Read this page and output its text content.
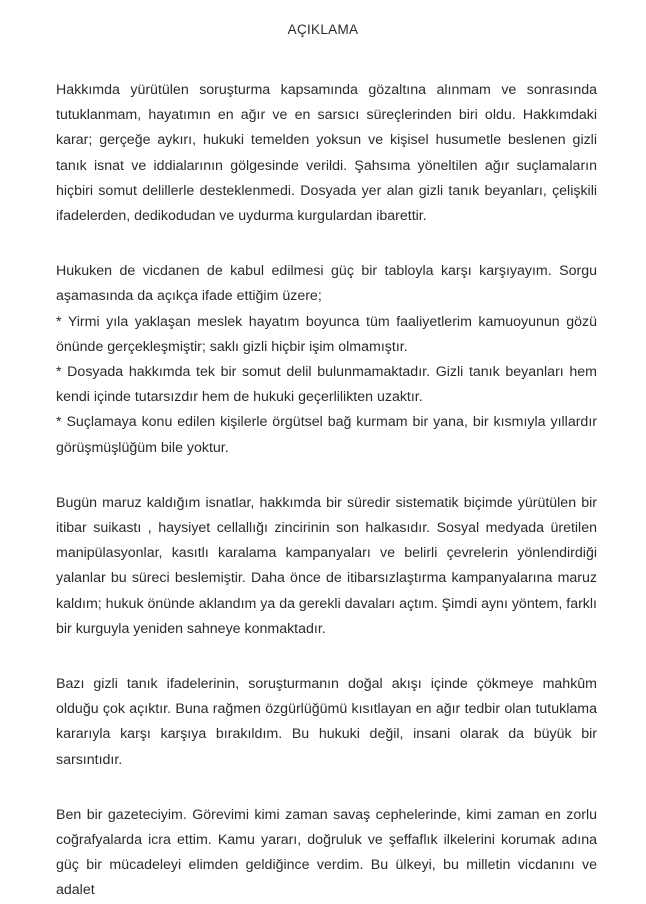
AÇIKLAMA

Hakkımda yürütülen soruşturma kapsamında gözaltına alınmam ve sonrasında tutuklanmam, hayatımın en ağır ve en sarsıcı süreçlerinden biri oldu. Hakkımdaki karar; gerçeğe aykırı, hukuki temelden yoksun ve kişisel husumetle beslenen gizli tanık isnat ve iddialarının gölgesinde verildi. Şahsıma yöneltilen ağır suçlamaların hiçbiri somut delillerle desteklenmedi. Dosyada yer alan gizli tanık beyanları, çelişkili ifadelerden, dedikodudan ve uydurma kurgulardan ibarettir.

Hukuken de vicdanen de kabul edilmesi güç bir tabloyla karşı karşıyayım. Sorgu aşamasında da açıkça ifade ettiğim üzere;

* Yirmi yıla yaklaşan meslek hayatım boyunca tüm faaliyetlerim kamuoyunun gözü önünde gerçekleşmiştir; saklı gizli hiçbir işim olmamıştır.

* Dosyada hakkımda tek bir somut delil bulunmamaktadır. Gizli tanık beyanları hem kendi içinde tutarsızdır hem de hukuki geçerlilikten uzaktır.

* Suçlamaya konu edilen kişilerle örgütsel bağ kurmam bir yana, bir kısmıyla yıllardır görüşmüşlüğüm bile yoktur.

Bugün maruz kaldığım isnatlar, hakkımda bir süredir sistematik biçimde yürütülen bir itibar suikastı , haysiyet cellallığı zincirinin son halkasıdır. Sosyal medyada üretilen manipülasyonlar, kasıtlı karalama kampanyaları ve belirli çevrelerin yönlendirdiği yalanlar bu süreci beslemiştir. Daha önce de itibarsızlaştırma kampanyalarına maruz kaldım; hukuk önünde aklandım ya da gerekli davaları açtım. Şimdi aynı yöntem, farklı bir kurguyla yeniden sahneye konmaktadır.

Bazı gizli tanık ifadelerinin, soruşturmanın doğal akışı içinde çökmeye mahkûm olduğu çok açıktır. Buna rağmen özgürlüğümü kısıtlayan en ağır tedbir olan tutuklama kararıyla karşı karşıya bırakıldım. Bu hukuki değil, insani olarak da büyük bir sarsıntıdır.

Ben bir gazeteciyim. Görevimi kimi zaman savaş cephelerinde, kimi zaman en zorlu coğrafyalarda icra ettim. Kamu yararı, doğruluk ve şeffaflık ilkelerini korumak adına güç bir mücadeleyi elimden geldiğince verdim. Bu ülkeyi, bu milletin vicdanını ve adalet
